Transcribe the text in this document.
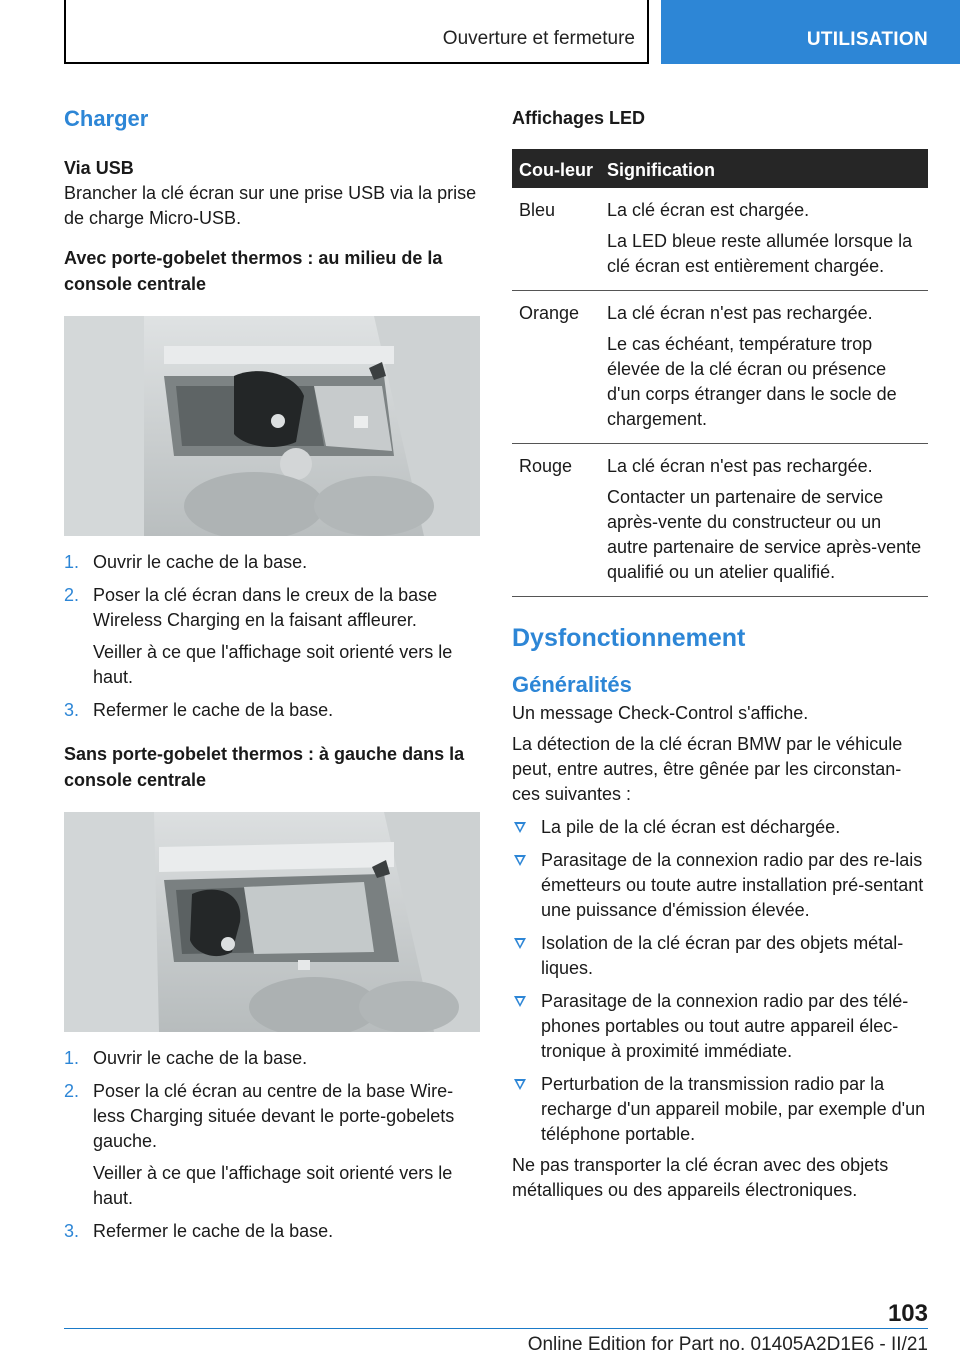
Ouverture et fermeture	UTILISATION
Charger
Via USB
Brancher la clé écran sur une prise USB via la prise de charge Micro-USB.
Avec porte-gobelet thermos : au milieu de la console centrale
1. Ouvrir le cache de la base.
2. Poser la clé écran dans le creux de la base Wireless Charging en la faisant affleurer.
Veiller à ce que l'affichage soit orienté vers le haut.
3. Refermer le cache de la base.
Sans porte-gobelet thermos : à gauche dans la console centrale
1. Ouvrir le cache de la base.
2. Poser la clé écran au centre de la base Wire-less Charging située devant le porte-gobelets gauche.
Veiller à ce que l'affichage soit orienté vers le haut.
3. Refermer le cache de la base.
Affichages LED
Cou-leur	Signification
Bleu	La clé écran est chargée.
La LED bleue reste allumée lorsque la clé écran est entièrement chargée.

Orange	La clé écran n'est pas rechargée.
Le cas échéant, température trop élevée de la clé écran ou présence d'un corps étranger dans le socle de chargement.

Rouge	La clé écran n'est pas rechargée.
Contacter un partenaire de service après-vente du constructeur ou un autre partenaire de service après-vente qualifié ou un atelier qualifié.
Dysfonctionnement
Généralités
Un message Check-Control s'affiche.
La détection de la clé écran BMW par le véhicule peut, entre autres, être gênée par les circonstan-ces suivantes :
La pile de la clé écran est déchargée.
Parasitage de la connexion radio par des re-lais émetteurs ou toute autre installation pré-sentant une puissance d'émission élevée.
Isolation de la clé écran par des objets métal-liques.
Parasitage de la connexion radio par des télé-phones portables ou tout autre appareil élec-tronique à proximité immédiate.
Perturbation de la transmission radio par la recharge d'un appareil mobile, par exemple d'un téléphone portable.
Ne pas transporter la clé écran avec des objets métalliques ou des appareils électroniques.
103
Online Edition for Part no. 01405A2D1E6 - II/21
